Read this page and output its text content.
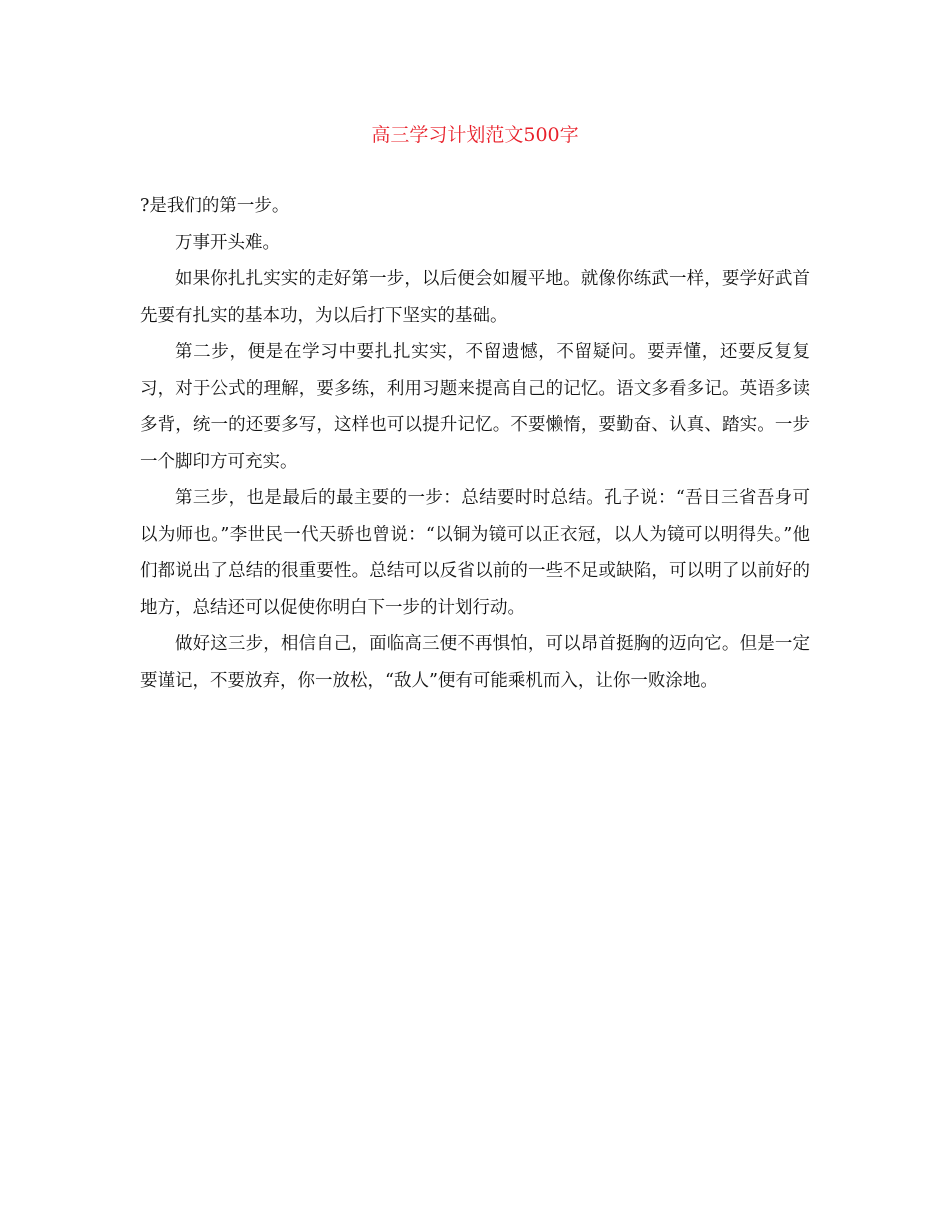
高三学习计划范文500字

?是我们的第一步。

万事开头难。

如果你扎扎实实的走好第一步，以后便会如履平地。就像你练武一样，要学好武首先要有扎实的基本功，为以后打下坚实的基础。

第二步，便是在学习中要扎扎实实，不留遗憾，不留疑问。要弄懂，还要反复复习，对于公式的理解，要多练，利用习题来提高自己的记忆。语文多看多记。英语多读多背，统一的还要多写，这样也可以提升记忆。不要懒惰，要勤奋、认真、踏实。一步一个脚印方可充实。

第三步，也是最后的最主要的一步：总结要时时总结。孔子说：“吾日三省吾身可以为师也。”李世民一代天骄也曾说：“以铜为镜可以正衣冠，以人为镜可以明得失。”他们都说出了总结的很重要性。总结可以反省以前的一些不足或缺陷，可以明了以前好的地方，总结还可以促使你明白下一步的计划行动。

做好这三步，相信自己，面临高三便不再惧怕，可以昂首挺胸的迈向它。但是一定要谨记，不要放弃，你一放松，“敌人”便有可能乘机而入，让你一败涂地。
